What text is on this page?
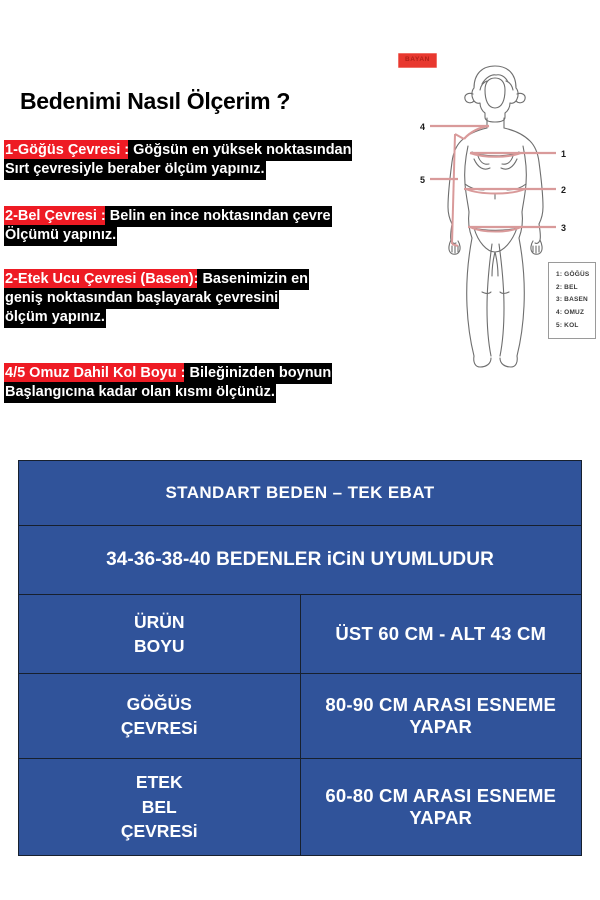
Bedenimi Nasıl Ölçerim ?
1-Göğüs Çevresi : Göğsün en yüksek noktasından
Sırt çevresiyle beraber ölçüm yapınız.
2-Bel Çevresi : Belin en ince noktasından çevre
Ölçümü yapınız.
2-Etek Ucu Çevresi (Basen): Basenimizin en
geniş noktasından başlayarak çevresini
ölçüm yapınız.
4/5 Omuz Dahil Kol Boyu : Bileğinizden boynun
Başlangıcına kadar olan kısmı ölçünüz.
BAYAN
1
2
3
4
5
1: GÖĞÜS
2: BEL
3: BASEN
4: OMUZ
5: KOL
STANDART BEDEN – TEK EBAT	
34-36-38-40 BEDENLER iCiN UYUMLUDUR	
ÜRÜN
BOYU	ÜST 60 CM - ALT 43 CM
GÖĞÜS
ÇEVRESi	80-90 CM ARASI ESNEME YAPAR
ETEK
BEL
ÇEVRESi	60-80 CM ARASI ESNEME YAPAR
